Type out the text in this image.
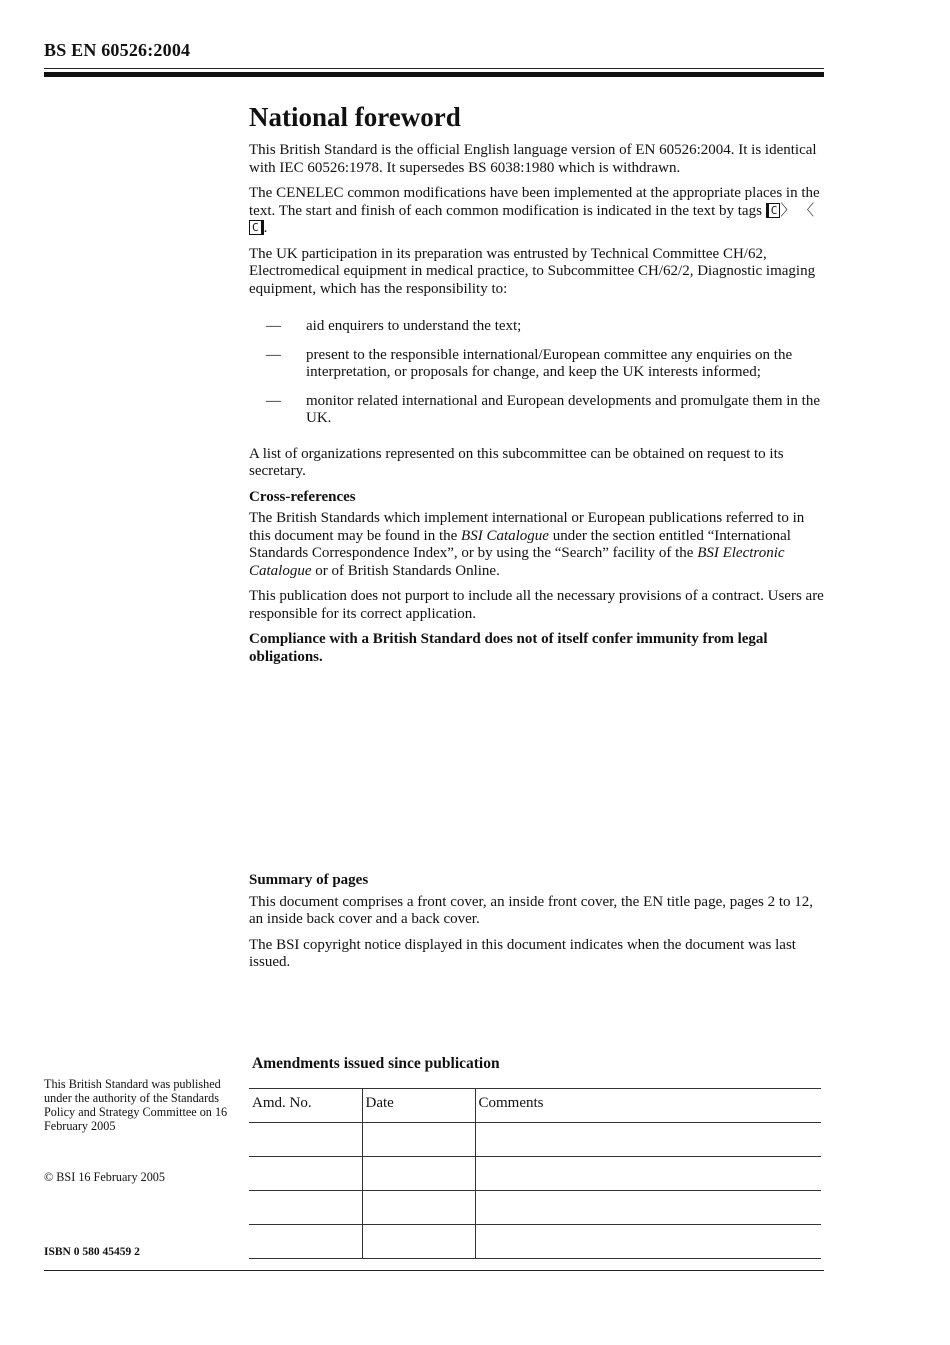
BS EN 60526:2004
National foreword

This British Standard is the official English language version of EN 60526:2004. It is identical with IEC 60526:1978. It supersedes BS 6038:1980 which is withdrawn.

The CENELEC common modifications have been implemented at the appropriate places in the text. The start and finish of each common modification is indicated in the text by tags C 〉 〈C .

The UK participation in its preparation was entrusted by Technical Committee CH/62, Electromedical equipment in medical practice, to Subcommittee CH/62/2, Diagnostic imaging equipment, which has the responsibility to:

— aid enquirers to understand the text;
— present to the responsible international/European committee any enquiries on the interpretation, or proposals for change, and keep the UK interests informed;
— monitor related international and European developments and promulgate them in the UK.

A list of organizations represented on this subcommittee can be obtained on request to its secretary.

Cross-references

The British Standards which implement international or European publications referred to in this document may be found in the BSI Catalogue under the section entitled “International Standards Correspondence Index”, or by using the “Search” facility of the BSI Electronic Catalogue or of British Standards Online.

This publication does not purport to include all the necessary provisions of a contract. Users are responsible for its correct application.

Compliance with a British Standard does not of itself confer immunity from legal obligations.

Summary of pages

This document comprises a front cover, an inside front cover, the EN title page, pages 2 to 12, an inside back cover and a back cover.

The BSI copyright notice displayed in this document indicates when the document was last issued.

This British Standard was published under the authority of the Standards Policy and Strategy Committee on 16 February 2005
© BSI 16 February 2005
ISBN 0 580 45459 2
Amendments issued since publication
Amd. No.	Date	Comments
